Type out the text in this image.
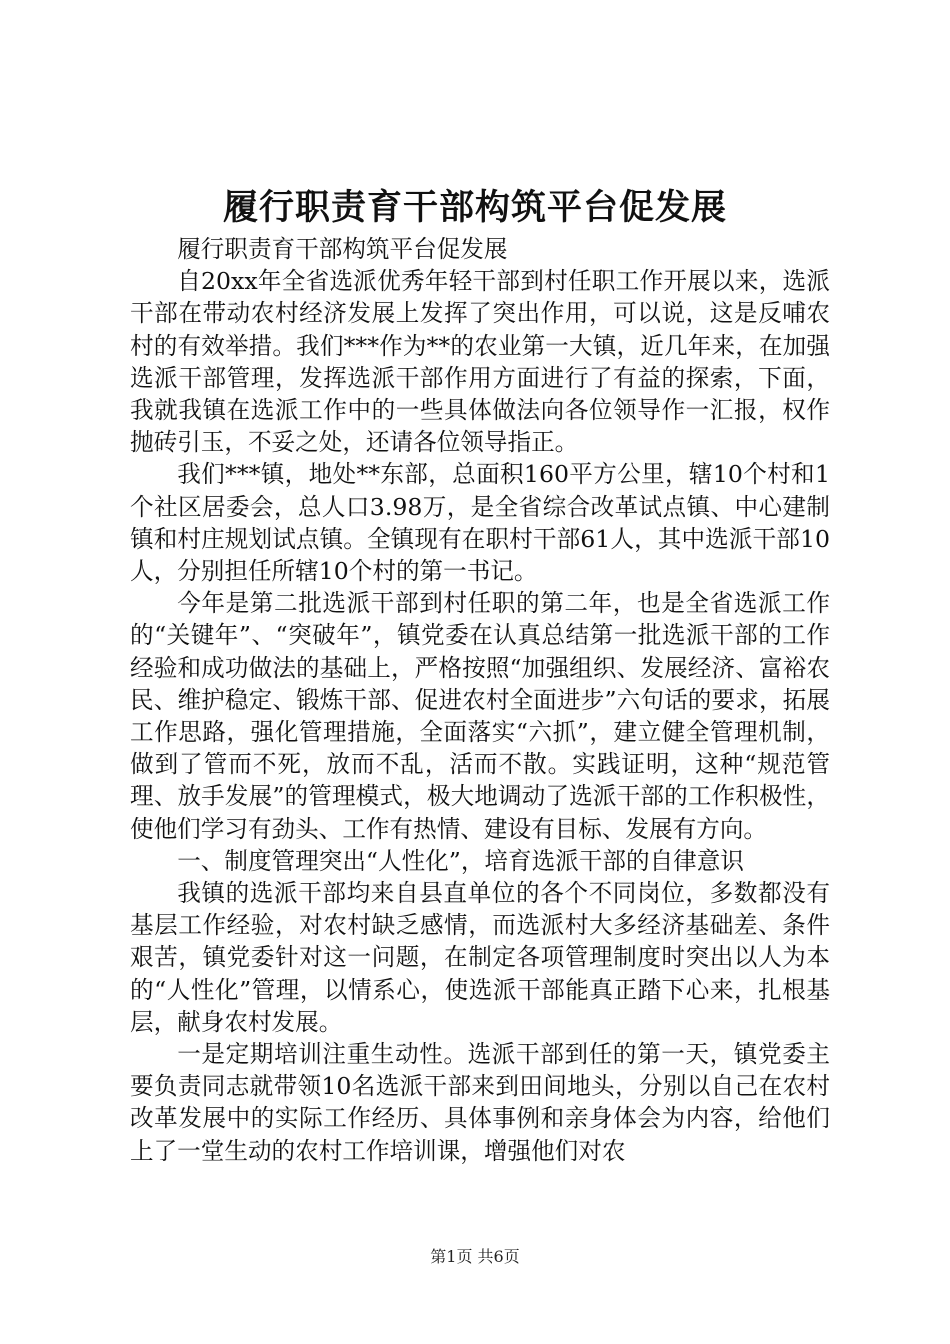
履行职责育干部构筑平台促发展

履行职责育干部构筑平台促发展

自20xx年全省选派优秀年轻干部到村任职工作开展以来，选派干部在带动农村经济发展上发挥了突出作用，可以说，这是反哺农村的有效举措。我们***作为**的农业第一大镇，近几年来，在加强选派干部管理，发挥选派干部作用方面进行了有益的探索，下面，我就我镇在选派工作中的一些具体做法向各位领导作一汇报，权作抛砖引玉，不妥之处，还请各位领导指正。

我们***镇，地处**东部，总面积160平方公里，辖10个村和1个社区居委会，总人口3.98万，是全省综合改革试点镇、中心建制镇和村庄规划试点镇。全镇现有在职村干部61人，其中选派干部10人，分别担任所辖10个村的第一书记。

今年是第二批选派干部到村任职的第二年，也是全省选派工作的“关键年”、“突破年”，镇党委在认真总结第一批选派干部的工作经验和成功做法的基础上，严格按照“加强组织、发展经济、富裕农民、维护稳定、锻炼干部、促进农村全面进步”六句话的要求，拓展工作思路，强化管理措施，全面落实“六抓”，建立健全管理机制，做到了管而不死，放而不乱，活而不散。实践证明，这种“规范管理、放手发展”的管理模式，极大地调动了选派干部的工作积极性，使他们学习有劲头、工作有热情、建设有目标、发展有方向。

一、制度管理突出“人性化”，培育选派干部的自律意识

我镇的选派干部均来自县直单位的各个不同岗位，多数都没有基层工作经验，对农村缺乏感情，而选派村大多经济基础差、条件艰苦，镇党委针对这一问题，在制定各项管理制度时突出以人为本的“人性化”管理，以情系心，使选派干部能真正踏下心来，扎根基层，献身农村发展。

一是定期培训注重生动性。选派干部到任的第一天，镇党委主要负责同志就带领10名选派干部来到田间地头，分别以自己在农村改革发展中的实际工作经历、具体事例和亲身体会为内容，给他们上了一堂生动的农村工作培训课，增强他们对农

第1页 共6页
